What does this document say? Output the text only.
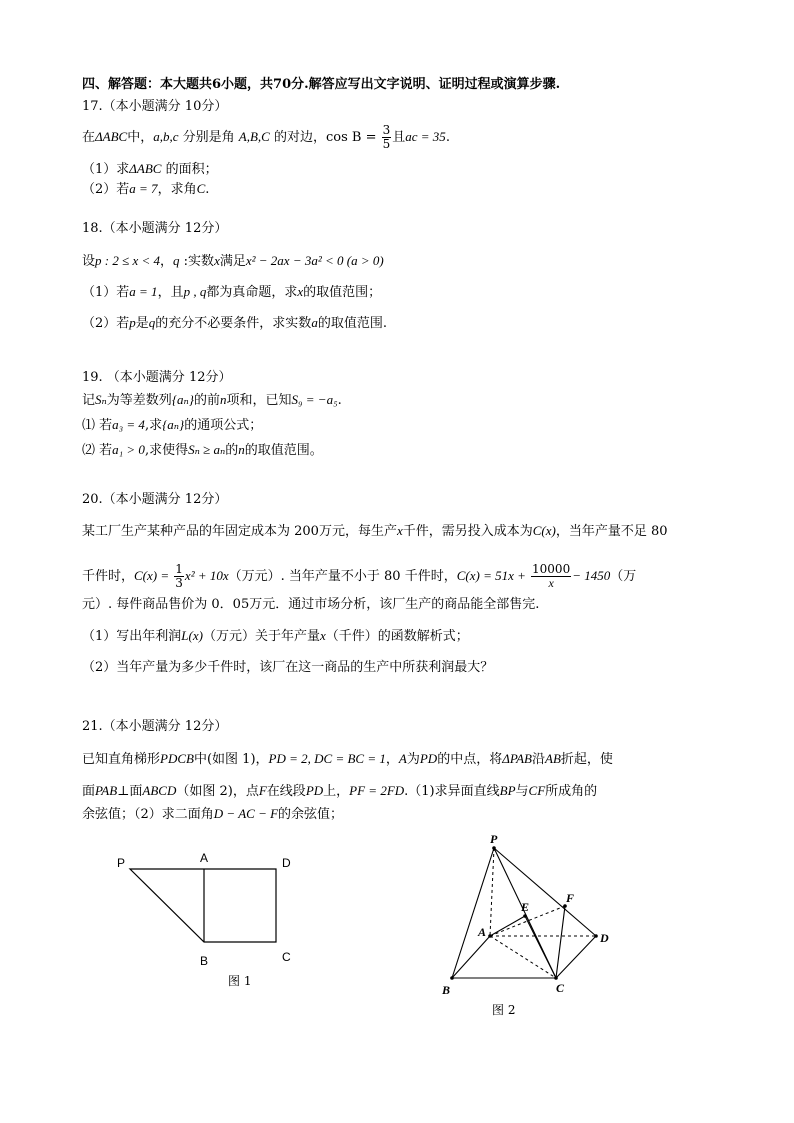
四、解答题：本大题共6小题，共70分.解答应写出文字说明、证明过程或演算步骤.
17.（本小题满分 10分）
在ΔABC中，a,b,c 分别是角 A,B,C 的对边，$\cos B = \frac{3}{5}$ 且ac = 35.
（1）求ΔABC 的面积；
（2）若a = 7，求角C.
18.（本小题满分 12分）
设p : 2 ≤ x < 4，q :实数x满足x² − 2ax − 3a² < 0 (a > 0)
（1）若a = 1，且p , q都为真命题，求x的取值范围；
（2）若p是q的充分不必要条件，求实数a的取值范围.
19. （本小题满分 12分）
记Sₙ为等差数列{aₙ}的前n项和，已知S₉ = −a₅.
⑴ 若a₃ = 4,求{aₙ}的通项公式；
⑵ 若a₁ > 0,求使得Sₙ ≥ aₙ的n的取值范围。
20.（本小题满分 12分）
某工厂生产某种产品的年固定成本为 200万元，每生产x千件，需另投入成本为C(x)，当年产量不足 80
千件时，$C(x) = \frac{1}{3} x^2 + 10x$（万元）. 当年产量不小于 80 千件时，$C(x) = 51x + \frac{10000}{x} - 1450$（万
元）. 每件商品售价为 0．05万元．通过市场分析，该厂生产的商品能全部售完.
（1）写出年利润L(x)（万元）关于年产量x（千件）的函数解析式；
（2）当年产量为多少千件时，该厂在这一商品的生产中所获利润最大？
21.（本小题满分 12分）
已知直角梯形PDCB中(如图 1)，PD = 2, DC = BC = 1，A为PD的中点，将ΔPAB沿AB折起，使
面PAB⊥面ABCD（如图 2)，点F在线段PD上，PF = 2FD.（1)求异面直线BP与CF所成角的
余弦值；（2）求二面角D − AC − F的余弦值；
P	A	D
B	C
图 1
P
E
F
A	D
B	C
图 2
